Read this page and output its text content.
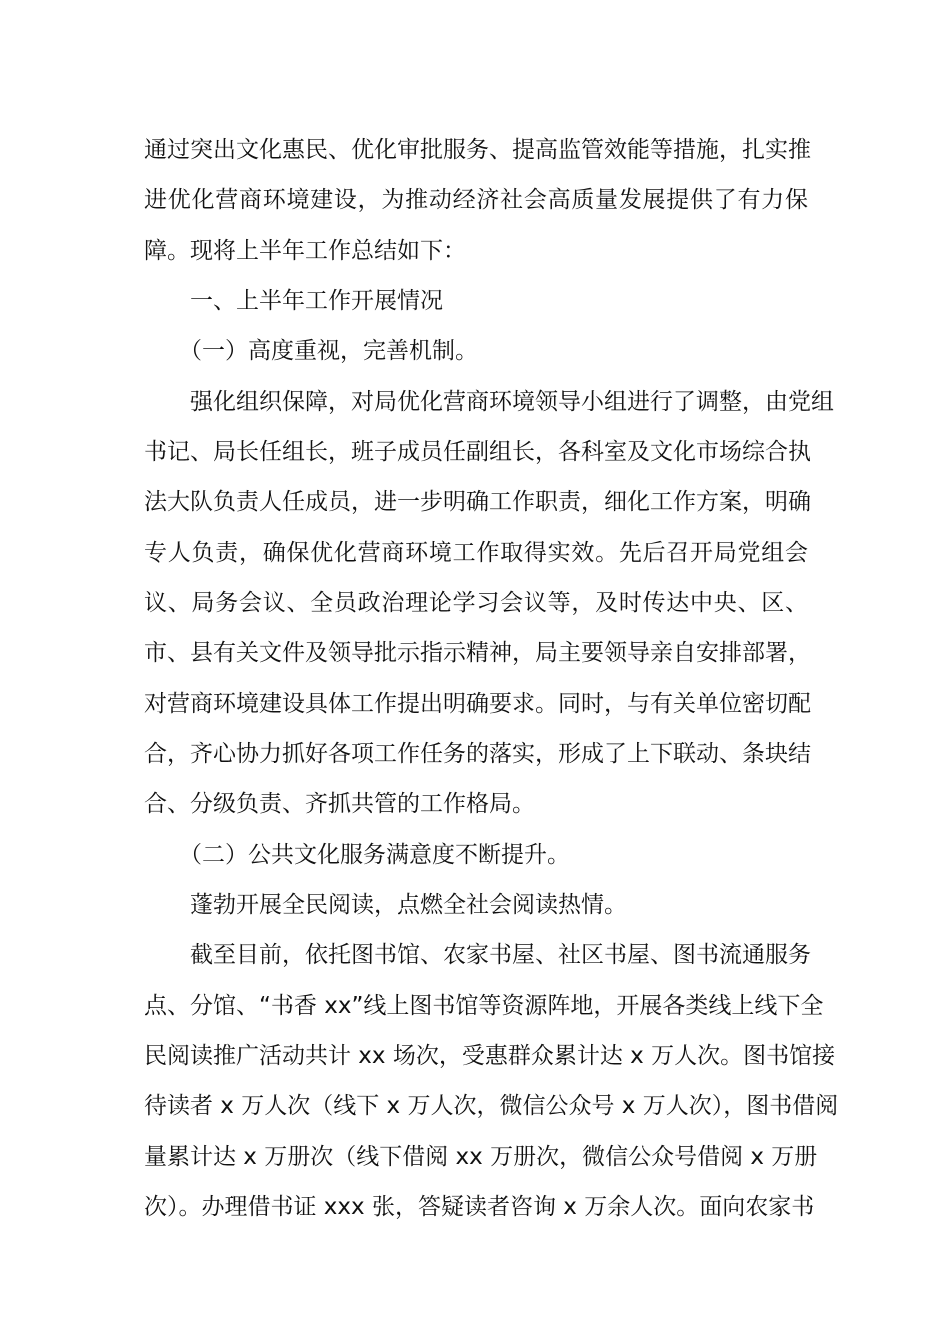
通过突出文化惠民、优化审批服务、提高监管效能等措施，扎实推
进优化营商环境建设，为推动经济社会高质量发展提供了有力保
障。现将上半年工作总结如下：
一、上半年工作开展情况
（一）高度重视，完善机制。
强化组织保障，对局优化营商环境领导小组进行了调整，由党组
书记、局长任组长，班子成员任副组长，各科室及文化市场综合执
法大队负责人任成员，进一步明确工作职责，细化工作方案，明确
专人负责，确保优化营商环境工作取得实效。先后召开局党组会
议、局务会议、全员政治理论学习会议等，及时传达中央、区、
市、县有关文件及领导批示指示精神，局主要领导亲自安排部署，
对营商环境建设具体工作提出明确要求。同时，与有关单位密切配
合，齐心协力抓好各项工作任务的落实，形成了上下联动、条块结
合、分级负责、齐抓共管的工作格局。
（二）公共文化服务满意度不断提升。
蓬勃开展全民阅读，点燃全社会阅读热情。
截至目前，依托图书馆、农家书屋、社区书屋、图书流通服务
点、分馆、“书香 xx”线上图书馆等资源阵地，开展各类线上线下全
民阅读推广活动共计 xx 场次，受惠群众累计达 x 万人次。图书馆接
待读者 x 万人次（线下 x 万人次，微信公众号 x 万人次），图书借阅
量累计达 x 万册次（线下借阅 xx 万册次，微信公众号借阅 x 万册
次）。办理借书证 xxx 张，答疑读者咨询 x 万余人次。面向农家书
